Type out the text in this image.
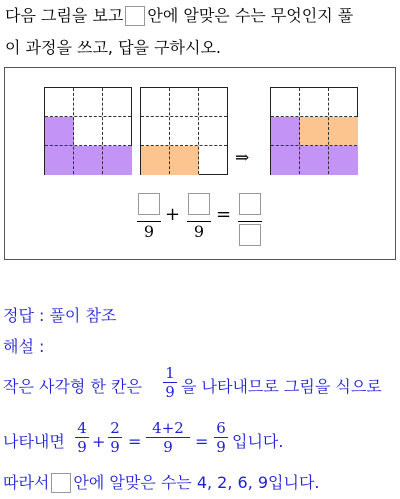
다음 그림을 보고 안에 알맞은 수는 무엇인지 풀
이 과정을 쓰고, 답을 구하시오.
⇒
9
+
9
=
정답 : 풀이 참조
해설 :
작은 사각형 한 칸은
1
9 을 나타내므로 그림을 식으로
나타내면
4
9 +
2
9 =
4+2
9	=
6
9 입니다.
따라서 안에 알맞은 수는 4, 2, 6, 9입니다.
